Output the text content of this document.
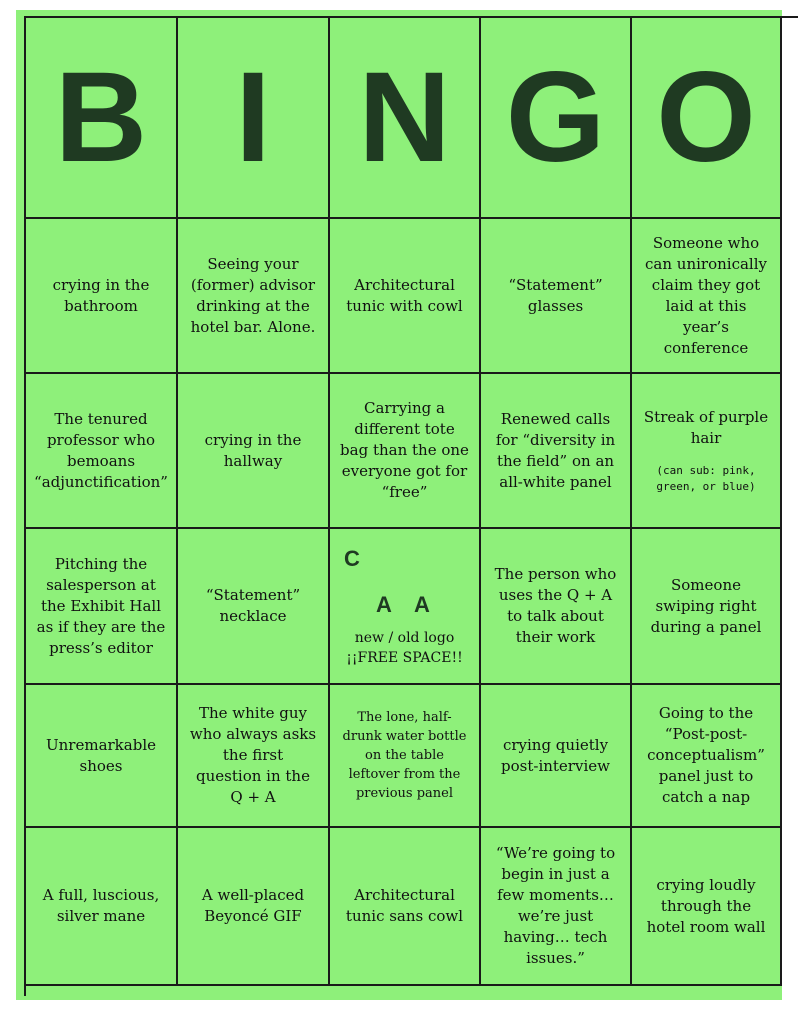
B I N G O
crying in the bathroom
Seeing your (former) advisor drinking at the hotel bar. Alone.
Architectural tunic with cowl
“Statement” glasses
Someone who can unironically claim they got laid at this year’s conference
The tenured professor who bemoans “adjunctification”
crying in the hallway
Carrying a different tote bag than the one everyone got for “free”
Renewed calls for “diversity in the field” on an all-white panel
Streak of purple hair
(can sub: pink, green, or blue)
Pitching the salesperson at the Exhibit Hall as if they are the press’s editor
“Statement” necklace
C
A A
new / old logo
¡¡FREE SPACE!!
The person who uses the Q + A to talk about their work
Someone swiping right during a panel
Unremarkable shoes
The white guy who always asks the first question in the Q + A
The lone, half-drunk water bottle on the table leftover from the previous panel
crying quietly post-interview
Going to the “Post-post-conceptualism” panel just to catch a nap
A full, luscious, silver mane
A well-placed Beyoncé GIF
Architectural tunic sans cowl
“We’re going to begin in just a few moments… we’re just having… tech issues.”
crying loudly through the hotel room wall
